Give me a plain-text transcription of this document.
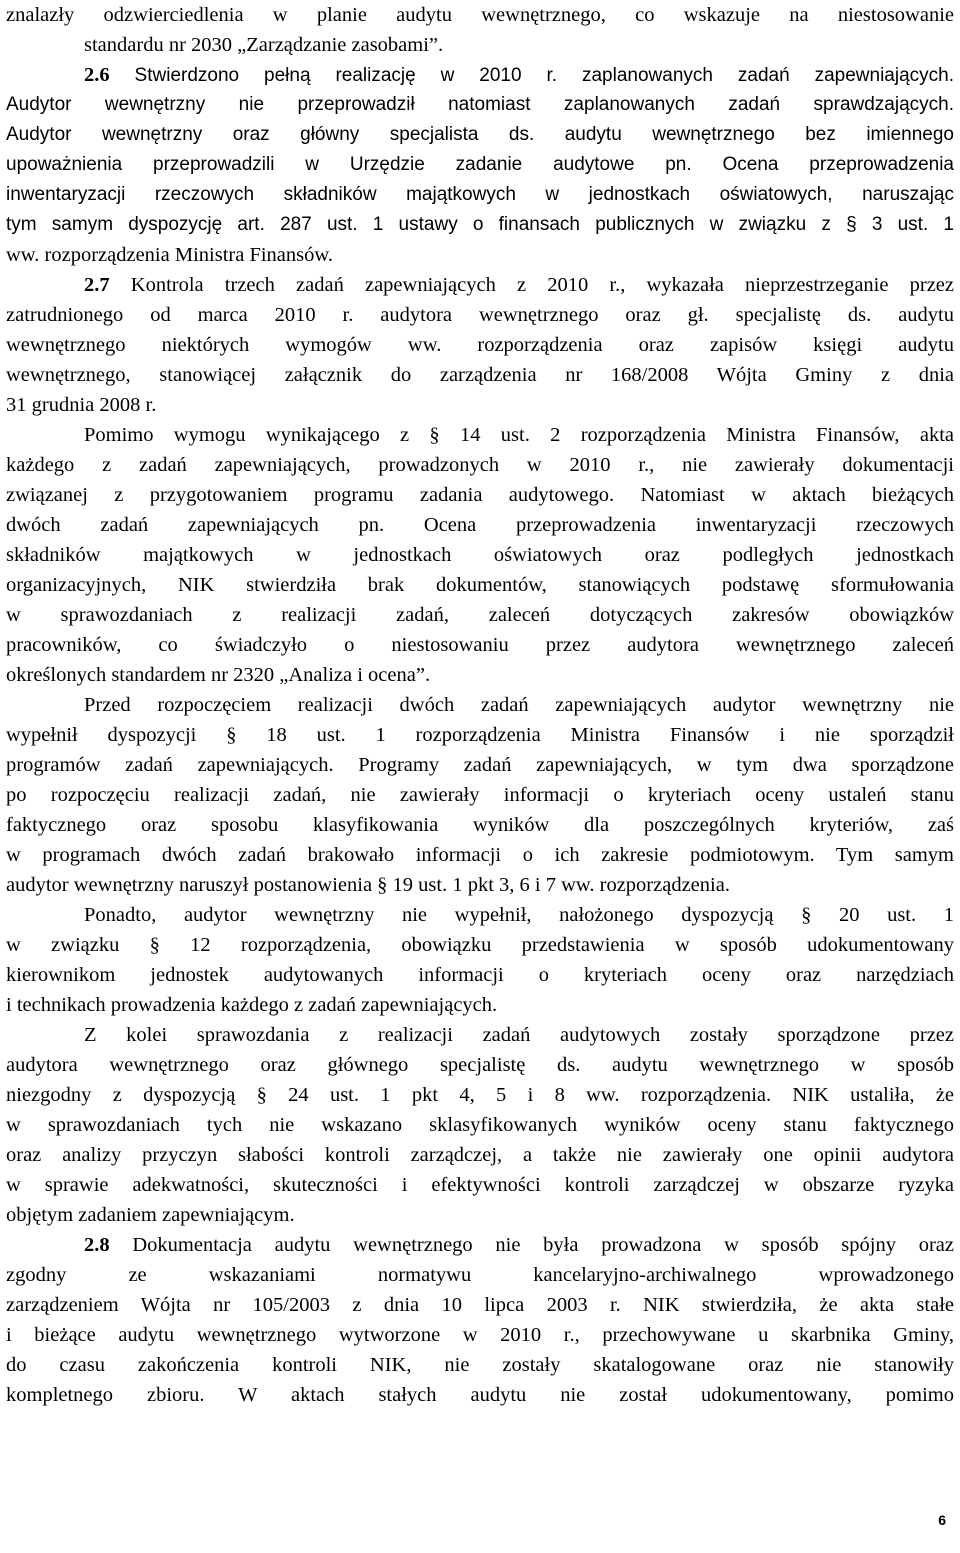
znalazły odzwierciedlenia w planie audytu wewnętrznego, co wskazuje na niestosowanie
standardu nr 2030 „Zarządzanie zasobami”.
2.6 Stwierdzono pełną realizację w 2010 r. zaplanowanych zadań zapewniających.
Audytor wewnętrzny nie przeprowadził natomiast zaplanowanych zadań sprawdzających.
Audytor wewnętrzny oraz główny specjalista ds. audytu wewnętrznego bez imiennego
upoważnienia przeprowadzili w Urzędzie zadanie audytowe pn. Ocena przeprowadzenia
inwentaryzacji rzeczowych składników majątkowych w jednostkach oświatowych, naruszając
tym samym dyspozycję art. 287 ust. 1 ustawy o finansach publicznych w związku z § 3 ust. 1
ww. rozporządzenia Ministra Finansów.
2.7 Kontrola trzech zadań zapewniających z 2010 r., wykazała nieprzestrzeganie przez
zatrudnionego od marca 2010 r. audytora wewnętrznego oraz gł. specjalistę ds. audytu
wewnętrznego niektórych wymogów ww. rozporządzenia oraz zapisów księgi audytu
wewnętrznego, stanowiącej załącznik do zarządzenia nr 168/2008 Wójta Gminy z dnia
31 grudnia 2008 r.
Pomimo wymogu wynikającego z § 14 ust. 2 rozporządzenia Ministra Finansów, akta
każdego z zadań zapewniających, prowadzonych w 2010 r., nie zawierały dokumentacji
związanej z przygotowaniem programu zadania audytowego. Natomiast w aktach bieżących
dwóch zadań zapewniających pn. Ocena przeprowadzenia inwentaryzacji rzeczowych
składników majątkowych w jednostkach oświatowych oraz podległych jednostkach
organizacyjnych, NIK stwierdziła brak dokumentów, stanowiących podstawę sformułowania
w sprawozdaniach z realizacji zadań, zaleceń dotyczących zakresów obowiązków
pracowników, co świadczyło o niestosowaniu przez audytora wewnętrznego zaleceń
określonych standardem nr 2320 „Analiza i ocena”.
Przed rozpoczęciem realizacji dwóch zadań zapewniających audytor wewnętrzny nie
wypełnił dyspozycji § 18 ust. 1 rozporządzenia Ministra Finansów i nie sporządził
programów zadań zapewniających. Programy zadań zapewniających, w tym dwa sporządzone
po rozpoczęciu realizacji zadań, nie zawierały informacji o kryteriach oceny ustaleń stanu
faktycznego oraz sposobu klasyfikowania wyników dla poszczególnych kryteriów, zaś
w programach dwóch zadań brakowało informacji o ich zakresie podmiotowym. Tym samym
audytor wewnętrzny naruszył postanowienia § 19 ust. 1 pkt 3, 6 i 7 ww. rozporządzenia.
Ponadto, audytor wewnętrzny nie wypełnił, nałożonego dyspozycją § 20 ust. 1
w związku § 12 rozporządzenia, obowiązku przedstawienia w sposób udokumentowany
kierownikom jednostek audytowanych informacji o kryteriach oceny oraz narzędziach
i technikach prowadzenia każdego z zadań zapewniających.
Z kolei sprawozdania z realizacji zadań audytowych zostały sporządzone przez
audytora wewnętrznego oraz głównego specjalistę ds. audytu wewnętrznego w sposób
niezgodny z dyspozycją § 24 ust. 1 pkt 4, 5 i 8 ww. rozporządzenia. NIK ustaliła, że
w sprawozdaniach tych nie wskazano sklasyfikowanych wyników oceny stanu faktycznego
oraz analizy przyczyn słabości kontroli zarządczej, a także nie zawierały one opinii audytora
w sprawie adekwatności, skuteczności i efektywności kontroli zarządczej w obszarze ryzyka
objętym zadaniem zapewniającym.
2.8 Dokumentacja audytu wewnętrznego nie była prowadzona w sposób spójny oraz
zgodny ze wskazaniami normatywu kancelaryjno-archiwalnego wprowadzonego
zarządzeniem Wójta nr 105/2003 z dnia 10 lipca 2003 r. NIK stwierdziła, że akta stałe
i bieżące audytu wewnętrznego wytworzone w 2010 r., przechowywane u skarbnika Gminy,
do czasu zakończenia kontroli NIK, nie zostały skatalogowane oraz nie stanowiły
kompletnego zbioru. W aktach stałych audytu nie został udokumentowany, pomimo
6
